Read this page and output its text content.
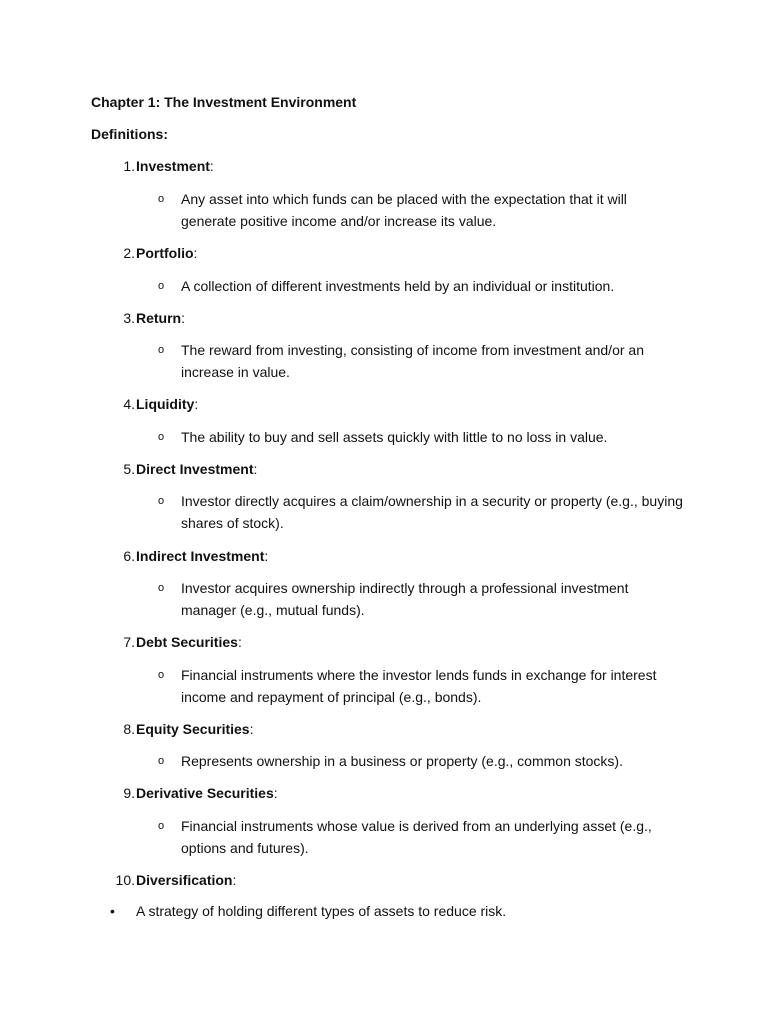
Chapter 1: The Investment Environment
Definitions:
1. Investment:
o Any asset into which funds can be placed with the expectation that it will generate positive income and/or increase its value.
2. Portfolio:
o A collection of different investments held by an individual or institution.
3. Return:
o The reward from investing, consisting of income from investment and/or an increase in value.
4. Liquidity:
o The ability to buy and sell assets quickly with little to no loss in value.
5. Direct Investment:
o Investor directly acquires a claim/ownership in a security or property (e.g., buying shares of stock).
6. Indirect Investment:
o Investor acquires ownership indirectly through a professional investment manager (e.g., mutual funds).
7. Debt Securities:
o Financial instruments where the investor lends funds in exchange for interest income and repayment of principal (e.g., bonds).
8. Equity Securities:
o Represents ownership in a business or property (e.g., common stocks).
9. Derivative Securities:
o Financial instruments whose value is derived from an underlying asset (e.g., options and futures).
10. Diversification:
• A strategy of holding different types of assets to reduce risk.
